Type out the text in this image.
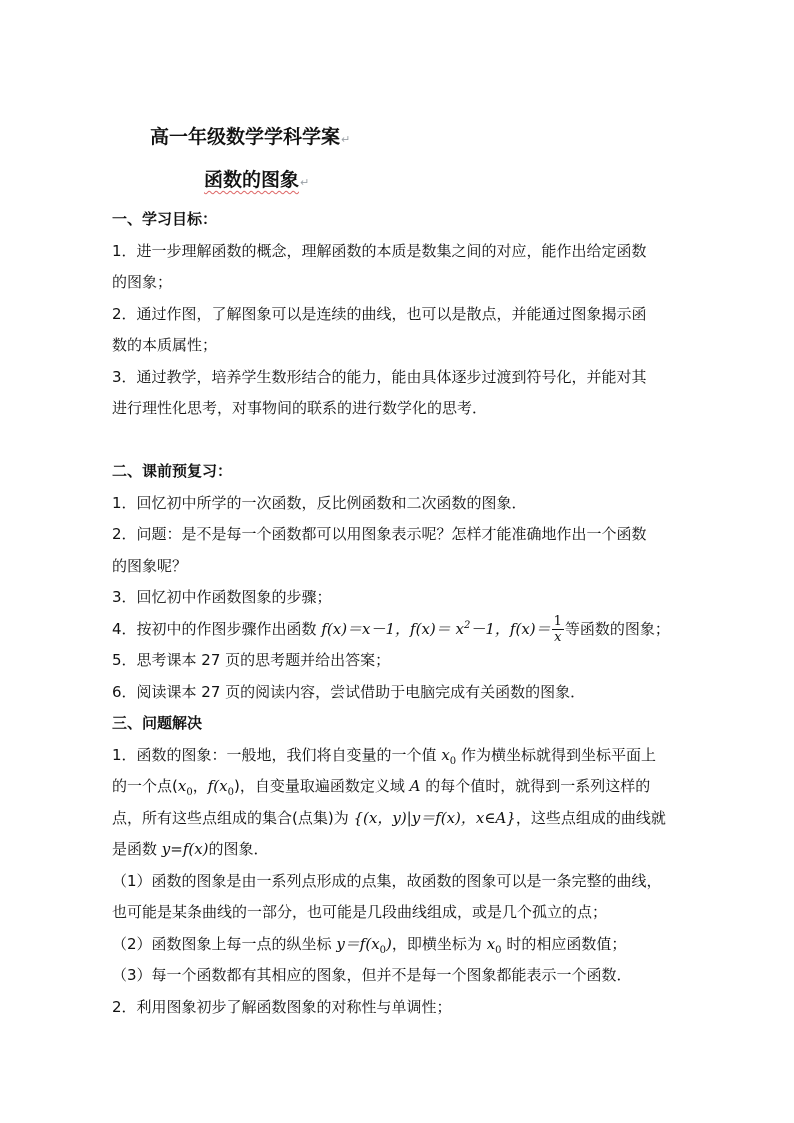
高一年级数学学科学案↵
函数的图象↵
一、学习目标：
1．进一步理解函数的概念，理解函数的本质是数集之间的对应，能作出给定函数
的图象；
2．通过作图，了解图象可以是连续的曲线，也可以是散点，并能通过图象揭示函
数的本质属性；
3．通过教学，培养学生数形结合的能力，能由具体逐步过渡到符号化，并能对其
进行理性化思考，对事物间的联系的进行数学化的思考．
二、课前预复习：
1．回忆初中所学的一次函数，反比例函数和二次函数的图象．
2．问题：是不是每一个函数都可以用图象表示呢？怎样才能准确地作出一个函数
的图象呢？
3．回忆初中作函数图象的步骤；
4．按初中的作图步骤作出函数 f(x)＝x－1，$f(x)= x^2-1$，$f(x)= \frac{1}{x}$ 等函数的图象；
5．思考课本 27 页的思考题并给出答案；
6．阅读课本 27 页的阅读内容，尝试借助于电脑完成有关函数的图象．
三、问题解决
1．函数的图象：一般地，我们将自变量的一个值 $x_0$ 作为横坐标就得到坐标平面上
的一个点($x_0$，$f(x_0)$，自变量取遍函数定义域 A 的每个值时，就得到一系列这样的
点，所有这些点组成的集合(点集)为 {(x，y)|y＝f(x)，x∈A}，这些点组成的曲线就
是函数 y=f(x)的图象．
（1）函数的图象是由一系列点形成的点集，故函数的图象可以是一条完整的曲线，
也可能是某条曲线的一部分，也可能是几段曲线组成，或是几个孤立的点；
（2）函数图象上每一点的纵坐标 $y=f(x_0)$，即横坐标为 $x_0$ 时的相应函数值；
（3）每一个函数都有其相应的图象，但并不是每一个图象都能表示一个函数．
2．利用图象初步了解函数图象的对称性与单调性；
